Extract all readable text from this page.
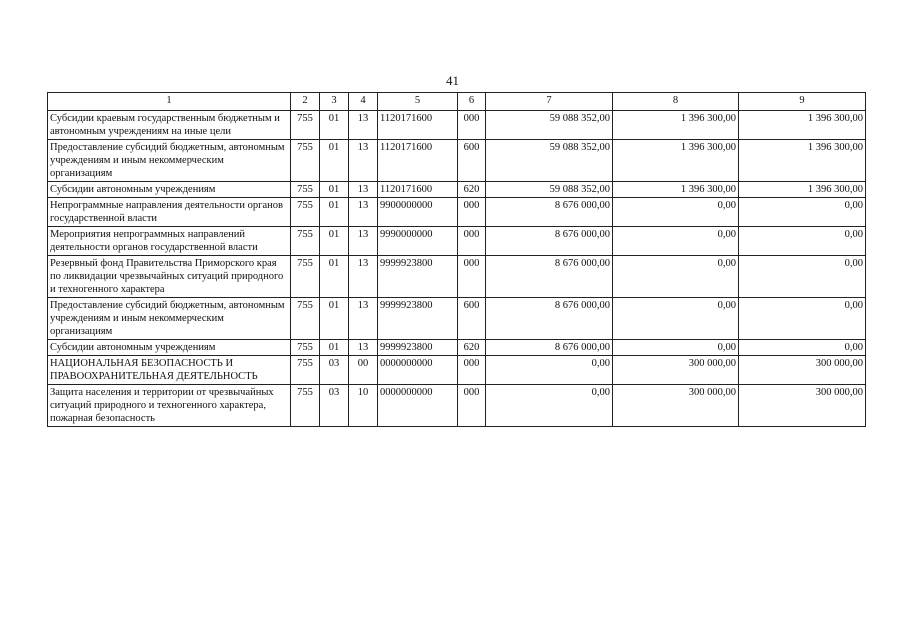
41
1	2	3	4	5	6	7	8	9
Субсидии краевым государственным бюджетным и автономным учреждениям на иные цели	755	01	13	1120171600	000	59 088 352,00	1 396 300,00	1 396 300,00
Предоставление субсидий бюджетным, автономным учреждениям и иным некоммерческим организациям	755	01	13	1120171600	600	59 088 352,00	1 396 300,00	1 396 300,00
Субсидии автономным учреждениям	755	01	13	1120171600	620	59 088 352,00	1 396 300,00	1 396 300,00
Непрограммные направления деятельности органов государственной власти	755	01	13	9900000000	000	8 676 000,00	0,00	0,00
Мероприятия непрограммных направлений деятельности органов государственной власти	755	01	13	9990000000	000	8 676 000,00	0,00	0,00
Резервный фонд Правительства Приморского края по ликвидации чрезвычайных ситуаций природного и техногенного характера	755	01	13	9999923800	000	8 676 000,00	0,00	0,00
Предоставление субсидий бюджетным, автономным учреждениям и иным некоммерческим организациям	755	01	13	9999923800	600	8 676 000,00	0,00	0,00
Субсидии автономным учреждениям	755	01	13	9999923800	620	8 676 000,00	0,00	0,00
НАЦИОНАЛЬНАЯ БЕЗОПАСНОСТЬ И ПРАВООХРАНИТЕЛЬНАЯ ДЕЯТЕЛЬНОСТЬ	755	03	00	0000000000	000	0,00	300 000,00	300 000,00
Защита населения и территории от чрезвычайных ситуаций природного и техногенного характера, пожарная безопасность	755	03	10	0000000000	000	0,00	300 000,00	300 000,00
